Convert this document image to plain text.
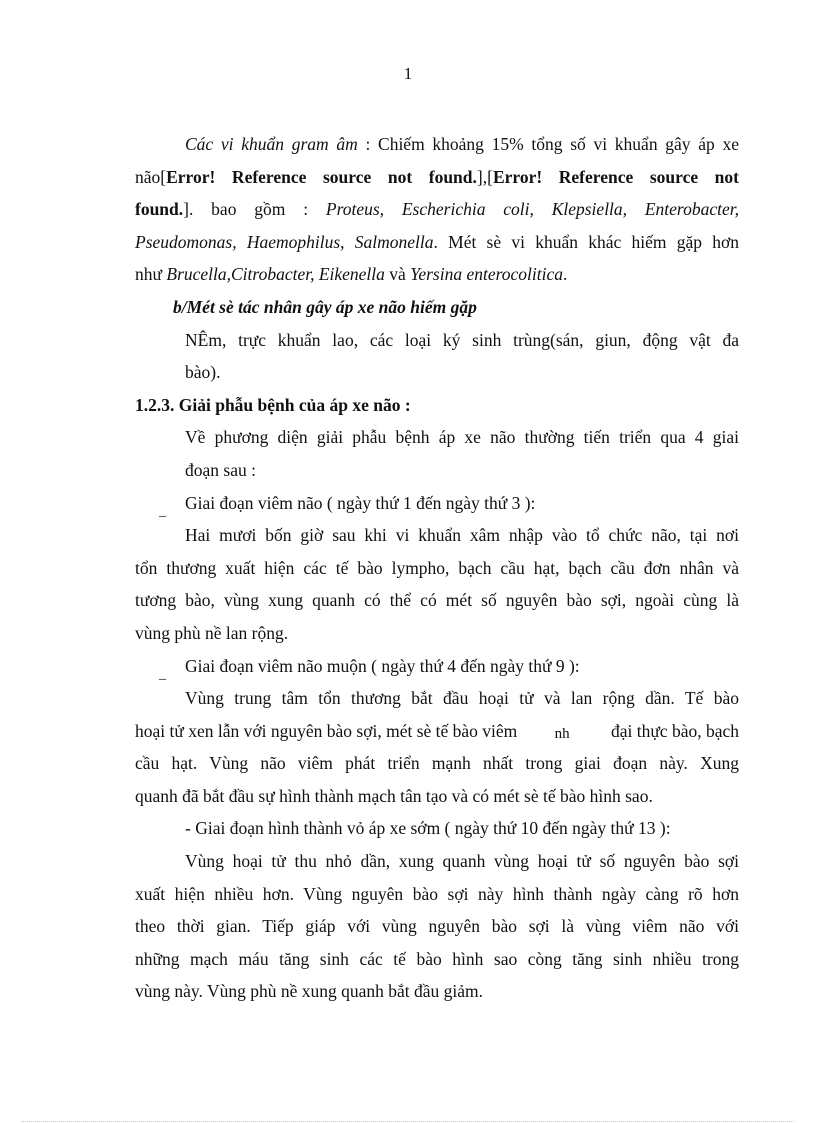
1
Các vi khuẩn gram âm : Chiếm khoảng 15% tổng số vi khuẩn gây áp xe
não[Error! Reference source not found.],[Error! Reference source not
found.]. bao gồm : Proteus, Escherichia coli, Klepsiella, Enterobacter,
Pseudomonas, Haemophilus, Salmonella. Mét sè vi khuẩn khác hiếm gặp hơn
như Brucella,Citrobacter, Eikenella và Yersina enterocolitica.
b/Mét sè tác nhân gây áp xe não hiếm gặp
NÊm, trực khuẩn lao, các loại ký sinh trùng(sán, giun, động vật đa
bào).
1.2.3. Giải phẫu bệnh của áp xe não :
Về phương diện giải phẫu bệnh áp xe não thường tiến triển qua 4 giai
đoạn sau :
_ Giai đoạn viêm não ( ngày thứ 1 đến ngày thứ 3 ):
Hai mươi bốn giờ sau khi vi khuẩn xâm nhập vào tổ chức não, tại nơi
tổn thương xuất hiện các tế bào lympho, bạch cầu hạt, bạch cầu đơn nhân và
tương bào, vùng xung quanh có thể có mét số nguyên bào sợi, ngoài cùng là
vùng phù nề lan rộng.
_ Giai đoạn viêm não muộn ( ngày thứ 4 đến ngày thứ 9 ):
Vùng trung tâm tổn thương bắt đầu hoại tử và lan rộng dần. Tế bào
hoại tử xen lẫn với nguyên bào sợi, mét sè tế bào viêm	nh	đại thực bào, bạch
cầu hạt. Vùng não viêm phát triển mạnh nhất trong giai đoạn này. Xung
quanh đã bắt đầu sự hình thành mạch tân tạo và có mét sè tế bào hình sao.
- Giai đoạn hình thành vỏ áp xe sớm ( ngày thứ 10 đến ngày thứ 13 ):
Vùng hoại tử thu nhỏ dần, xung quanh vùng hoại tử số nguyên bào sợi
xuất hiện nhiều hơn. Vùng nguyên bào sợi này hình thành ngày càng rõ hơn
theo thời gian. Tiếp giáp với vùng nguyên bào sợi là vùng viêm não với
những mạch máu tăng sinh các tế bào hình sao còng tăng sinh nhiều trong
vùng này. Vùng phù nề xung quanh bắt đầu giảm.
